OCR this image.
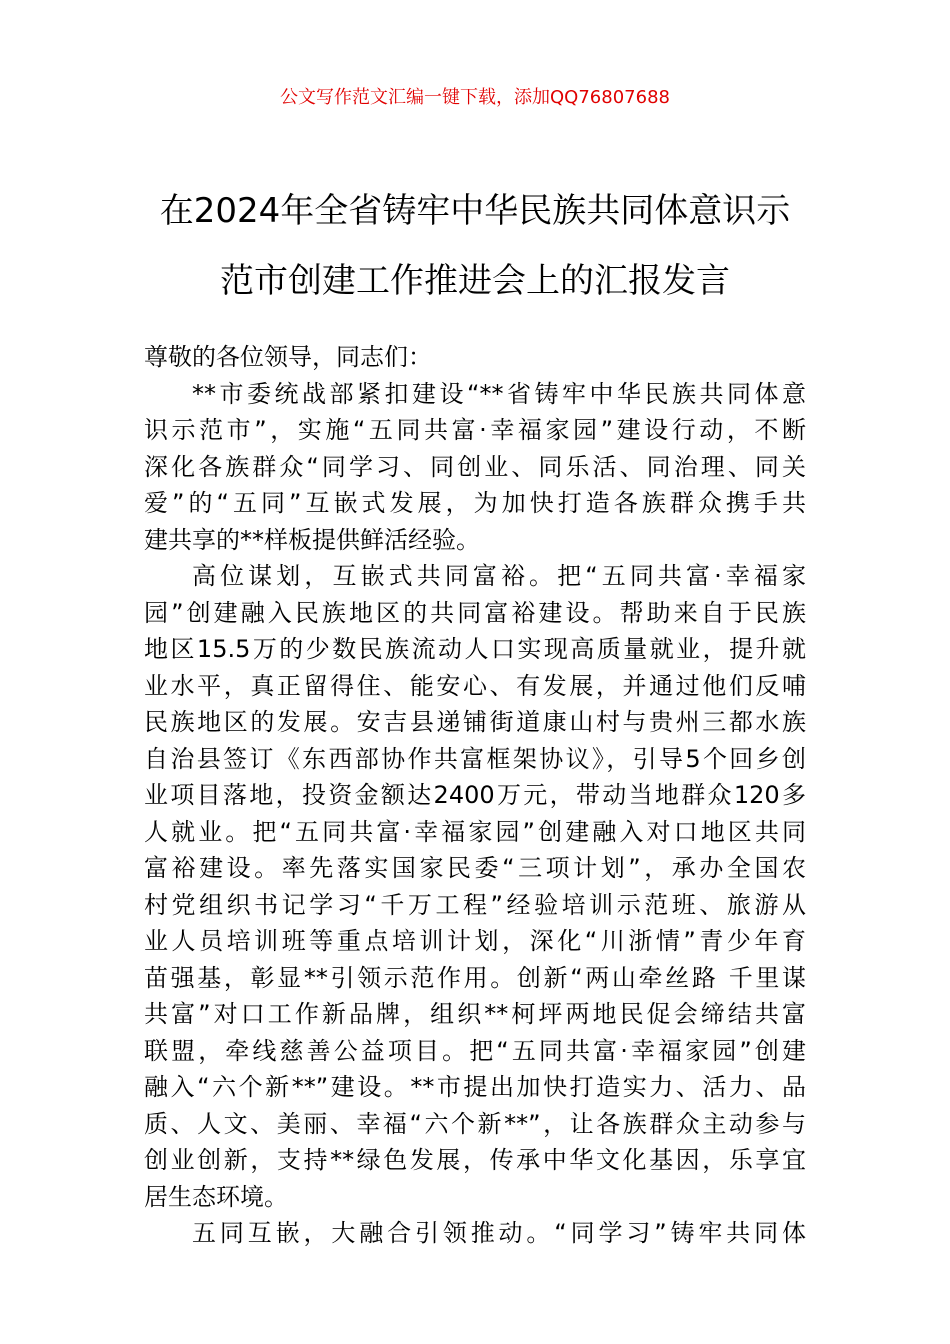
公文写作范文汇编一键下载，添加QQ76807688
在2024年全省铸牢中华民族共同体意识示
范市创建工作推进会上的汇报发言
尊敬的各位领导，同志们：
**市委统战部紧扣建设“**省铸牢中华民族共同体意
识示范市”，实施“五同共富·幸福家园”建设行动，不断
深化各族群众“同学习、同创业、同乐活、同治理、同关
爱”的“五同”互嵌式发展，为加快打造各族群众携手共
建共享的**样板提供鲜活经验。
高位谋划，互嵌式共同富裕。把“五同共富·幸福家
园”创建融入民族地区的共同富裕建设。帮助来自于民族
地区15.5万的少数民族流动人口实现高质量就业，提升就
业水平，真正留得住、能安心、有发展，并通过他们反哺
民族地区的发展。安吉县递铺街道康山村与贵州三都水族
自治县签订《东西部协作共富框架协议》，引导5个回乡创
业项目落地，投资金额达2400万元，带动当地群众120多
人就业。把“五同共富·幸福家园”创建融入对口地区共同
富裕建设。率先落实国家民委“三项计划”，承办全国农
村党组织书记学习“千万工程”经验培训示范班、旅游从
业人员培训班等重点培训计划，深化“川浙情”青少年育
苗强基，彰显**引领示范作用。创新“两山牵丝路 千里谋
共富”对口工作新品牌，组织**柯坪两地民促会缔结共富
联盟，牵线慈善公益项目。把“五同共富·幸福家园”创建
融入“六个新**”建设。**市提出加快打造实力、活力、品
质、人文、美丽、幸福“六个新**”，让各族群众主动参与
创业创新，支持**绿色发展，传承中华文化基因，乐享宜
居生态环境。
五同互嵌，大融合引领推动。“同学习”铸牢共同体
